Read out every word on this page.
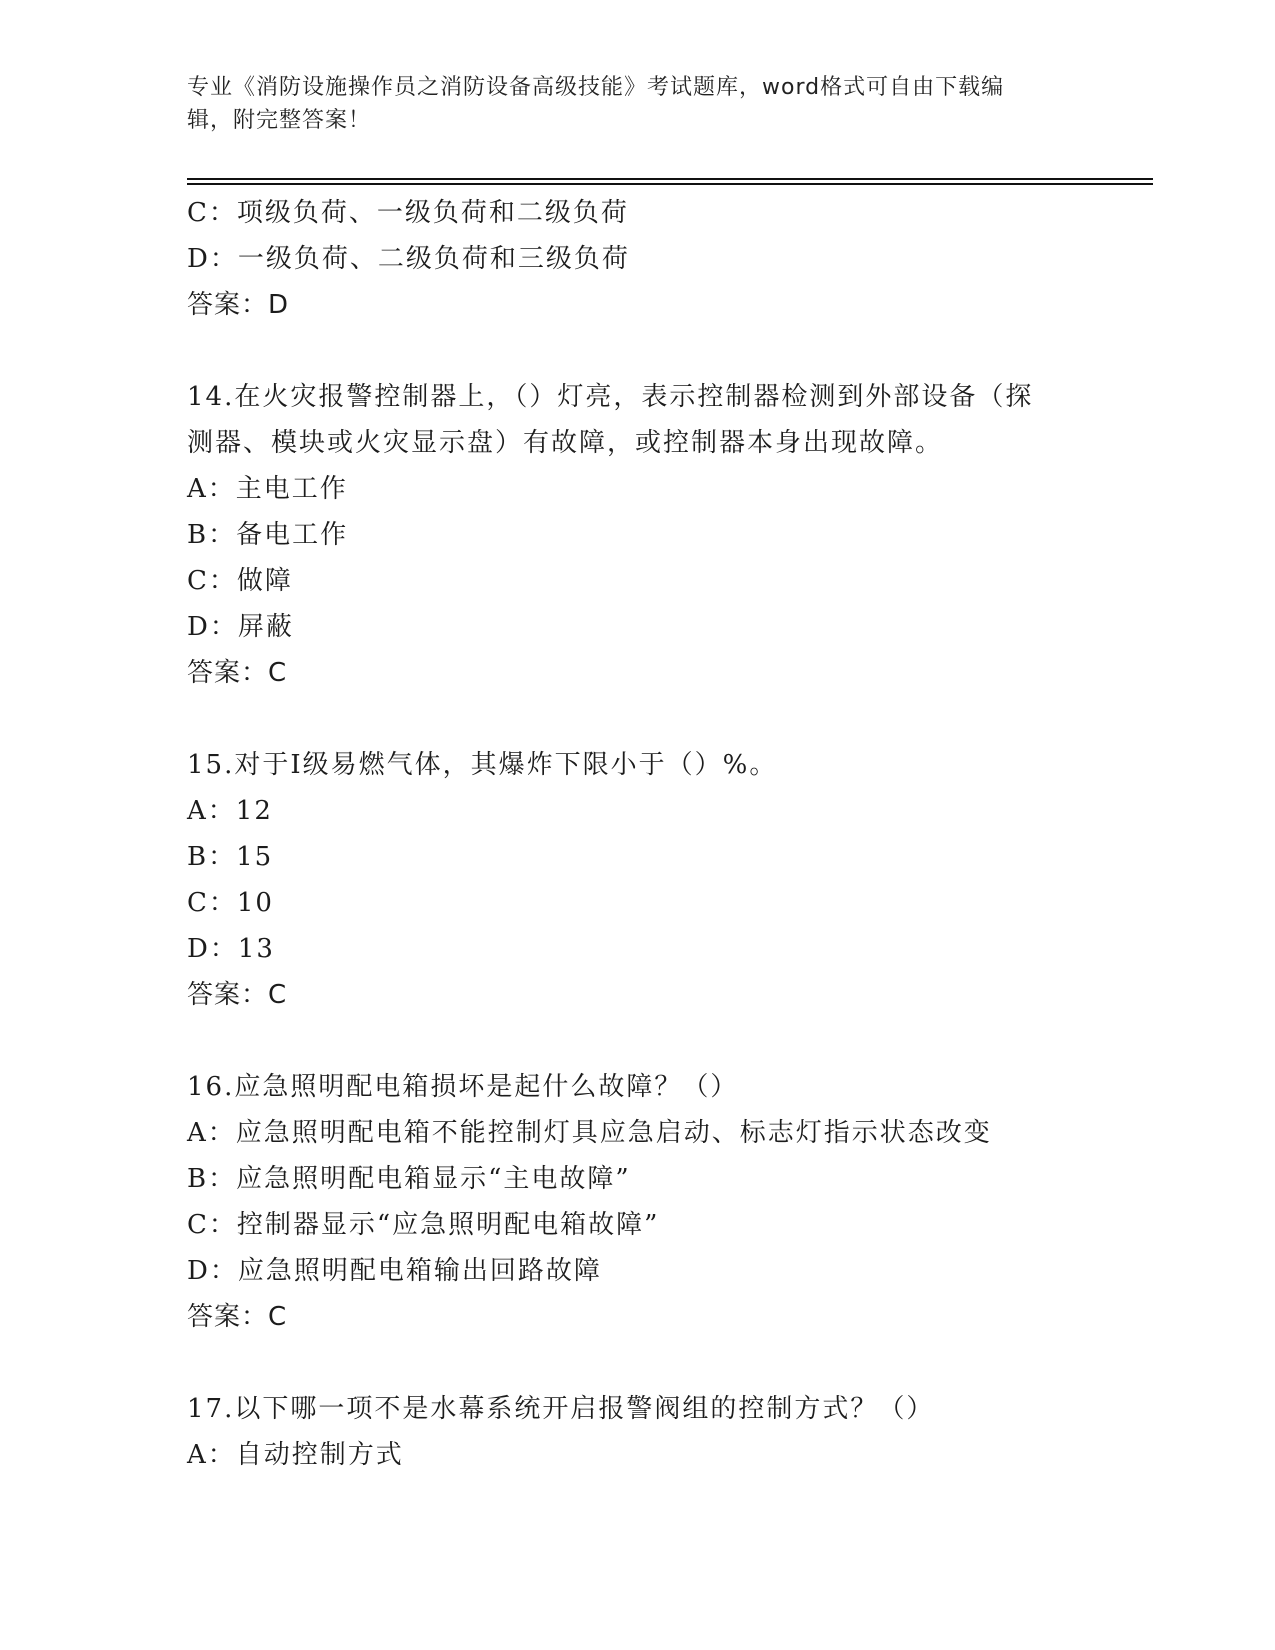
专业《消防设施操作员之消防设备高级技能》考试题库，word格式可自由下载编
辑，附完整答案！
C：项级负荷、一级负荷和二级负荷
D：一级负荷、二级负荷和三级负荷
答案：D
14.在火灾报警控制器上，（）灯亮，表示控制器检测到外部设备（探
测器、模块或火灾显示盘）有故障，或控制器本身出现故障。
A：主电工作
B：备电工作
C：做障
D：屏蔽
答案：C
15.对于Ⅰ级易燃气体，其爆炸下限小于（）%。
A：12
B：15
C：10
D：13
答案：C
16.应急照明配电箱损坏是起什么故障？（）
A：应急照明配电箱不能控制灯具应急启动、标志灯指示状态改变
B：应急照明配电箱显示“主电故障”
C：控制器显示“应急照明配电箱故障”
D：应急照明配电箱输出回路故障
答案：C
17.以下哪一项不是水幕系统开启报警阀组的控制方式？（）
A：自动控制方式
